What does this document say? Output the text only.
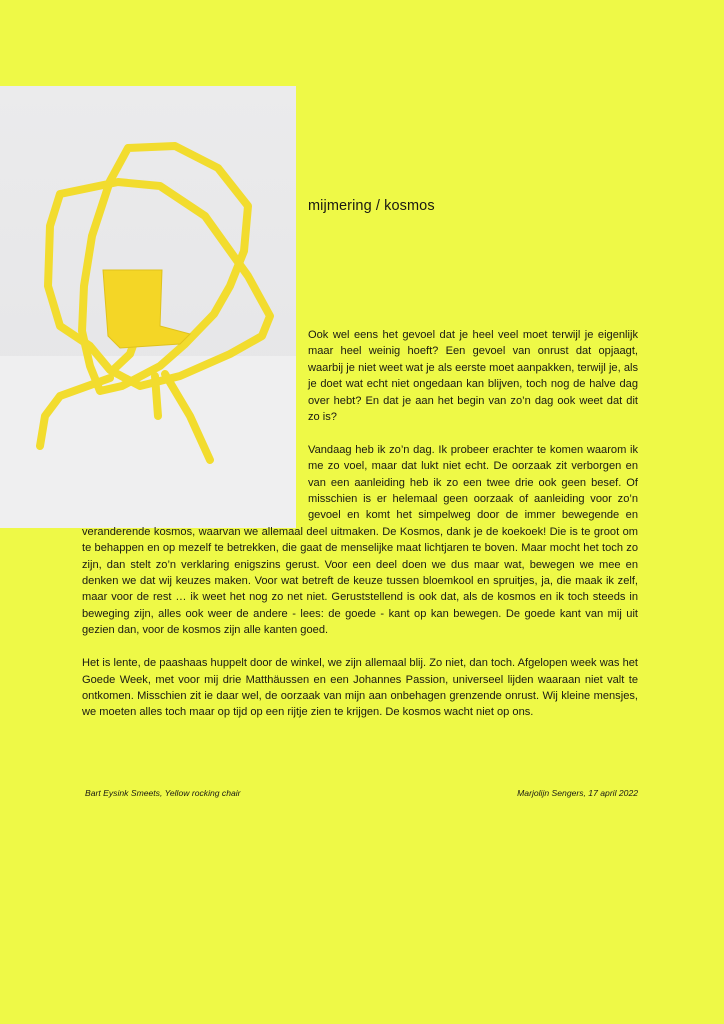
mijmering / kosmos

Ook wel eens het gevoel dat je heel veel moet terwijl je eigenlijk maar heel weinig hoeft? Een gevoel van onrust dat opjaagt, waarbij je niet weet wat je als eerste moet aanpakken, terwijl je, als je doet wat echt niet ongedaan kan blijven, toch nog de halve dag over hebt? En dat je aan het begin van zo’n dag ook weet dat dit zo is?

Vandaag heb ik zo’n dag. Ik probeer erachter te komen waarom ik me zo voel, maar dat lukt niet echt. De oorzaak zit verborgen en van een aanleiding heb ik zo een twee drie ook geen besef. Of misschien is er helemaal geen oorzaak of aanleiding voor zo’n gevoel en komt het simpelweg door de immer bewegende en veranderende kosmos, waarvan we allemaal deel uitmaken. De Kosmos, dank je de koekoek! Die is te groot om te behappen en op mezelf te betrekken, die gaat de menselijke maat lichtjaren te boven. Maar mocht het toch zo zijn, dan stelt zo’n verklaring enigszins gerust. Voor een deel doen we dus maar wat, bewegen we mee en denken we dat wij keuzes maken. Voor wat betreft de keuze tussen bloemkool en spruitjes, ja, die maak ik zelf, maar voor de rest … ik weet het nog zo net niet. Geruststellend is ook dat, als de kosmos en ik toch steeds in beweging zijn, alles ook weer de andere - lees: de goede - kant op kan bewegen. De goede kant van mij uit gezien dan, voor de kosmos zijn alle kanten goed.

Het is lente, de paashaas huppelt door de winkel, we zijn allemaal blij. Zo niet, dan toch. Afgelopen week was het Goede Week, met voor mij drie Matthäussen en een Johannes Passion, universeel lijden waaraan niet valt te ontkomen. Misschien zit ie daar wel, de oorzaak van mijn aan onbehagen grenzende onrust. Wij kleine mensjes, we moeten alles toch maar op tijd op een rijtje zien te krijgen. De kosmos wacht niet op ons.

Bart Eysink Smeets, Yellow rocking chair	Marjolijn Sengers, 17 april 2022
